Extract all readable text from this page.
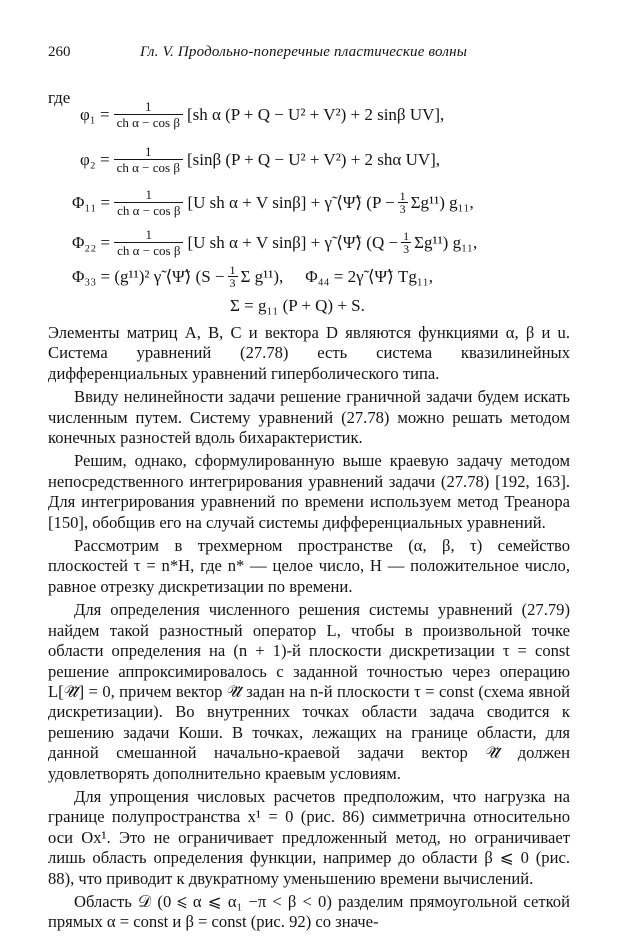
260	Гл. V. Продольно-поперечные пластические волны
где
$\varphi_1 = \frac{1}{\text{ch α − cos β}} [sh$ α (P + Q − U² + V²) + 2 sinβ UV],
$\varphi_2 = \frac{1}{\text{ch α − cos β}} [\sin\beta$ (P + Q − U² + V²) + 2 shα UV],
$\Phi_{11} = \frac{1}{\text{ch α − cos β}} [U$ sh α + V sinβ] + γ̃ ⟨Ψ̃⟩ $(P - \frac{1}{3} \Sigma g^{11})$ g₁₁,
$\Phi_{22} = \frac{1}{\text{ch α − cos β}} [U$ sh α + V sinβ] + γ̃ ⟨Ψ̃⟩ $(Q - \frac{1}{3} \Sigma g^{11})$ g₁₁,
Φ₃₃ = (g¹¹)² γ̃ ⟨Ψ̃⟩ ($S - \frac{1}{3}$ Σ g¹¹), Φ₄₄ = 2γ̃ ⟨Ψ̃⟩ Tg₁₁,
Σ = g₁₁ (P + Q) + S.

Элементы матриц A, B, C и вектора D являются функциями α, β и u. Система уравнений (27.78) есть система квазилинейных дифференциальных уравнений гиперболического типа.

Ввиду нелинейности задачи решение граничной задачи будем искать численным путем. Систему уравнений (27.78) можно решать методом конечных разностей вдоль бихарактеристик.

Решим, однако, сформулированную выше краевую задачу методом непосредственного интегрирования уравнений задачи (27.78) [192, 163]. Для интегрирования уравнений по времени используем метод Треанора [150], обобщив его на случай системы дифференциальных уравнений.

Рассмотрим в трехмерном пространстве (α, β, τ) семейство плоскостей τ = n*H, где n* — целое число, H — положительное число, равное отрезку дискретизации по времени.

Для определения численного решения системы уравнений (27.79) найдем такой разностный оператор L, чтобы в произвольной точке области определения на (n + 1)-й плоскости дискретизации τ = const решение аппроксимировалось с заданной точностью через операцию L[𝒰⃗] = 0, причем вектор 𝒰⃗ задан на n-й плоскости τ = const (схема явной дискретизации). Во внутренних точках области задача сводится к решению задачи Коши. В точках, лежащих на границе области, для данной смешанной начально-краевой задачи вектор 𝒰⃗ должен удовлетворять дополнительно краевым условиям.

Для упрощения числовых расчетов предположим, что нагрузка на границе полупространства x¹ = 0 (рис. 86) симметрична относительно оси Ox¹. Это не ограничивает предложенный метод, но ограничивает лишь область определения функции, например до области β ⩽ 0 (рис. 88), что приводит к двукратному уменьшению времени вычислений.

Область 𝒟 (0 ⩽ α ⩽ α₁ −π < β < 0) разделим прямоугольной сеткой прямых α = const и β = const (рис. 92) со значе-
